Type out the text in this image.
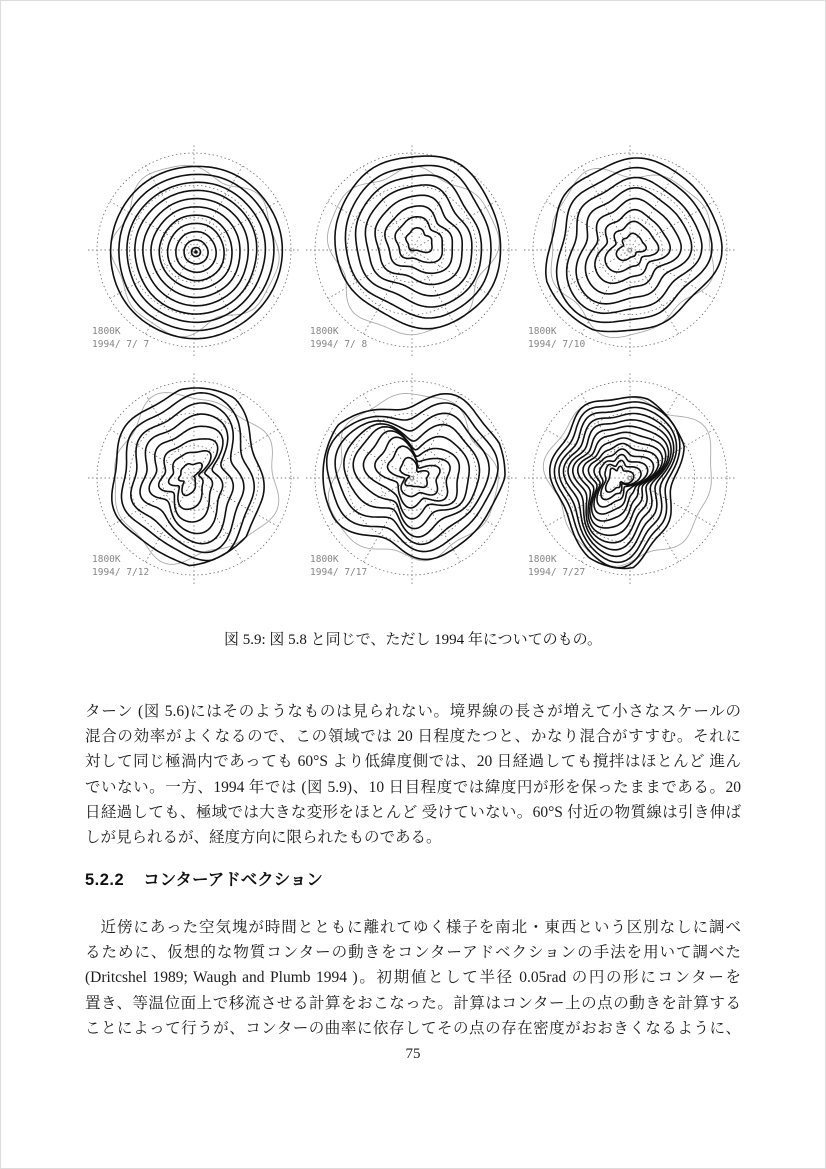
1800K
1994/ 7/ 7
1800K
1994/ 7/ 8
1800K
1994/ 7/10
1800K
1994/ 7/12
1800K
1994/ 7/17
1800K
1994/ 7/27
図 5.9: 図 5.8 と同じで、ただし 1994 年についてのもの。
ターン (図 5.6)にはそのようなものは見られない。境界線の長さが増えて小さなスケールの
混合の効率がよくなるので、この領域では 20 日程度たつと、かなり混合がすすむ。それに
対して同じ極渦内であっても 60°S より低緯度側では、20 日経過しても撹拌はほとんど 進ん
でいない。一方、1994 年では (図 5.9)、10 日目程度では緯度円が形を保ったままである。20
日経過しても、極域では大きな変形をほとんど 受けていない。60°S 付近の物質線は引き伸ば
しが見られるが、経度方向に限られたものである。
5.2.2 コンターアドベクション
近傍にあった空気塊が時間とともに離れてゆく様子を南北・東西という区別なしに調べ
るために、仮想的な物質コンターの動きをコンターアドベクションの手法を用いて調べた
(Dritcshel 1989; Waugh and Plumb 1994 )。初期値として半径 0.05rad の円の形にコンターを
置き、等温位面上で移流させる計算をおこなった。計算はコンター上の点の動きを計算する
ことによって行うが、コンターの曲率に依存してその点の存在密度がおおきくなるように、
75
